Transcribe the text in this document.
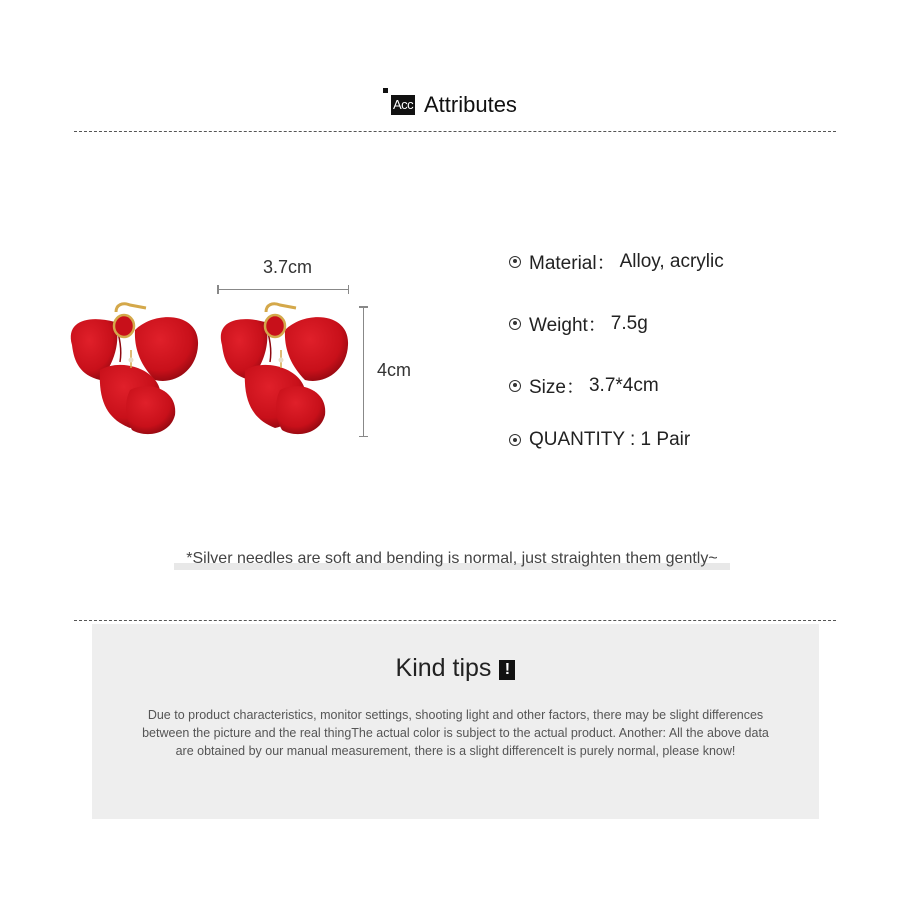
Acc Attributes
3.7cm
4cm
Material： Alloy, acrylic
Weight： 7.5g
Size： 3.7*4cm
QUANTITY : 1 Pair
*Silver needles are soft and bending is normal, just straighten them gently~
Kind tips !
Due to product characteristics, monitor settings, shooting light and other factors, there may be slight differences between the picture and the real thingThe actual color is subject to the actual product. Another: All the above data are obtained by our manual measurement, there is a slight differenceIt is purely normal, please know!
